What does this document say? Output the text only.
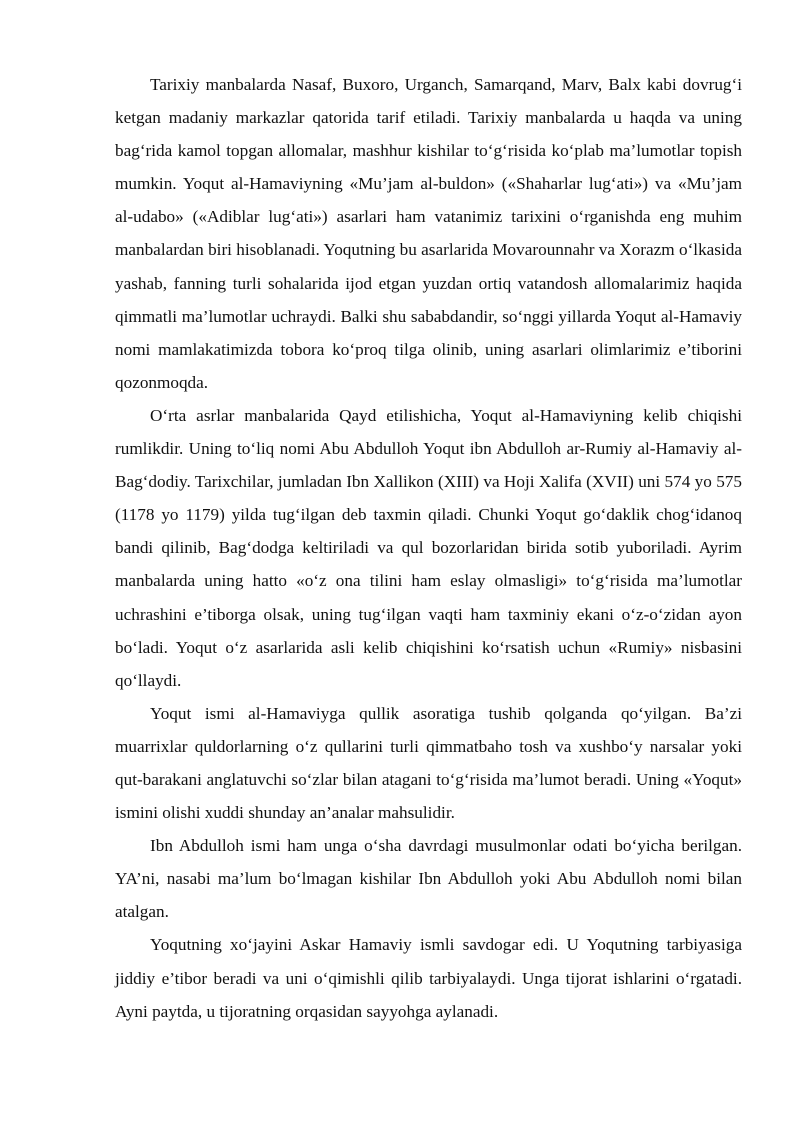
Tarixiy manbalarda Nasaf, Buxoro, Urganch, Samarqand, Marv, Balx kabi dovrug‘i ketgan madaniy markazlar qatorida tarif etiladi. Tarixiy manbalarda u haqda va uning bag‘rida kamol topgan allomalar, mashhur kishilar to‘g‘risida ko‘plab ma’lumotlar topish mumkin. Yoqut al-Hamaviyning «Mu’jam al-buldon» («Shaharlar lug‘ati») va «Mu’jam al-udabo» («Adiblar lug‘ati») asarlari ham vatanimiz tarixini o‘rganishda eng muhim manbalardan biri hisoblanadi. Yoqutning bu asarlarida Movarounnahr va Xorazm o‘lkasida yashab, fanning turli sohalarida ijod etgan yuzdan ortiq vatandosh allomalarimiz haqida qimmatli ma’lumotlar uchraydi. Balki shu sababdandir, so‘nggi yillarda Yoqut al-Hamaviy nomi mamlakatimizda tobora ko‘proq tilga olinib, uning asarlari olimlarimiz e’tiborini qozonmoqda.

O‘rta asrlar manbalarida Qayd etilishicha, Yoqut al-Hamaviyning kelib chiqishi rumlikdir. Uning to‘liq nomi Abu Abdulloh Yoqut ibn Abdulloh ar-Rumiy al-Hamaviy al-Bag‘dodiy. Tarixchilar, jumladan Ibn Xallikon (XIII) va Hoji Xalifa (XVII) uni 574 yo 575 (1178 yo 1179) yilda tug‘ilgan deb taxmin qiladi. Chunki Yoqut go‘daklik chog‘idanoq bandi qilinib, Bag‘dodga keltiriladi va qul bozorlaridan birida sotib yuboriladi. Ayrim manbalarda uning hatto «o‘z ona tilini ham eslay olmasligi» to‘g‘risida ma’lumotlar uchrashini e’tiborga olsak, uning tug‘ilgan vaqti ham taxminiy ekani o‘z-o‘zidan ayon bo‘ladi. Yoqut o‘z asarlarida asli kelib chiqishini ko‘rsatish uchun «Rumiy» nisbasini qo‘llaydi.

Yoqut ismi al-Hamaviyga qullik asoratiga tushib qolganda qo‘yilgan. Ba’zi muarrixlar quldorlarning o‘z qullarini turli qimmatbaho tosh va xushbo‘y narsalar yoki qut-barakani anglatuvchi so‘zlar bilan atagani to‘g‘risida ma’lumot beradi. Uning «Yoqut» ismini olishi xuddi shunday an’analar mahsulidir.

Ibn Abdulloh ismi ham unga o‘sha davrdagi musulmonlar odati bo‘yicha berilgan. YA’ni, nasabi ma’lum bo‘lmagan kishilar Ibn Abdulloh yoki Abu Abdulloh nomi bilan atalgan.

Yoqutning xo‘jayini Askar Hamaviy ismli savdogar edi. U Yoqutning tarbiyasiga jiddiy e’tibor beradi va uni o‘qimishli qilib tarbiyalaydi. Unga tijorat ishlarini o‘rgatadi. Ayni paytda, u tijoratning orqasidan sayyohga aylanadi.
